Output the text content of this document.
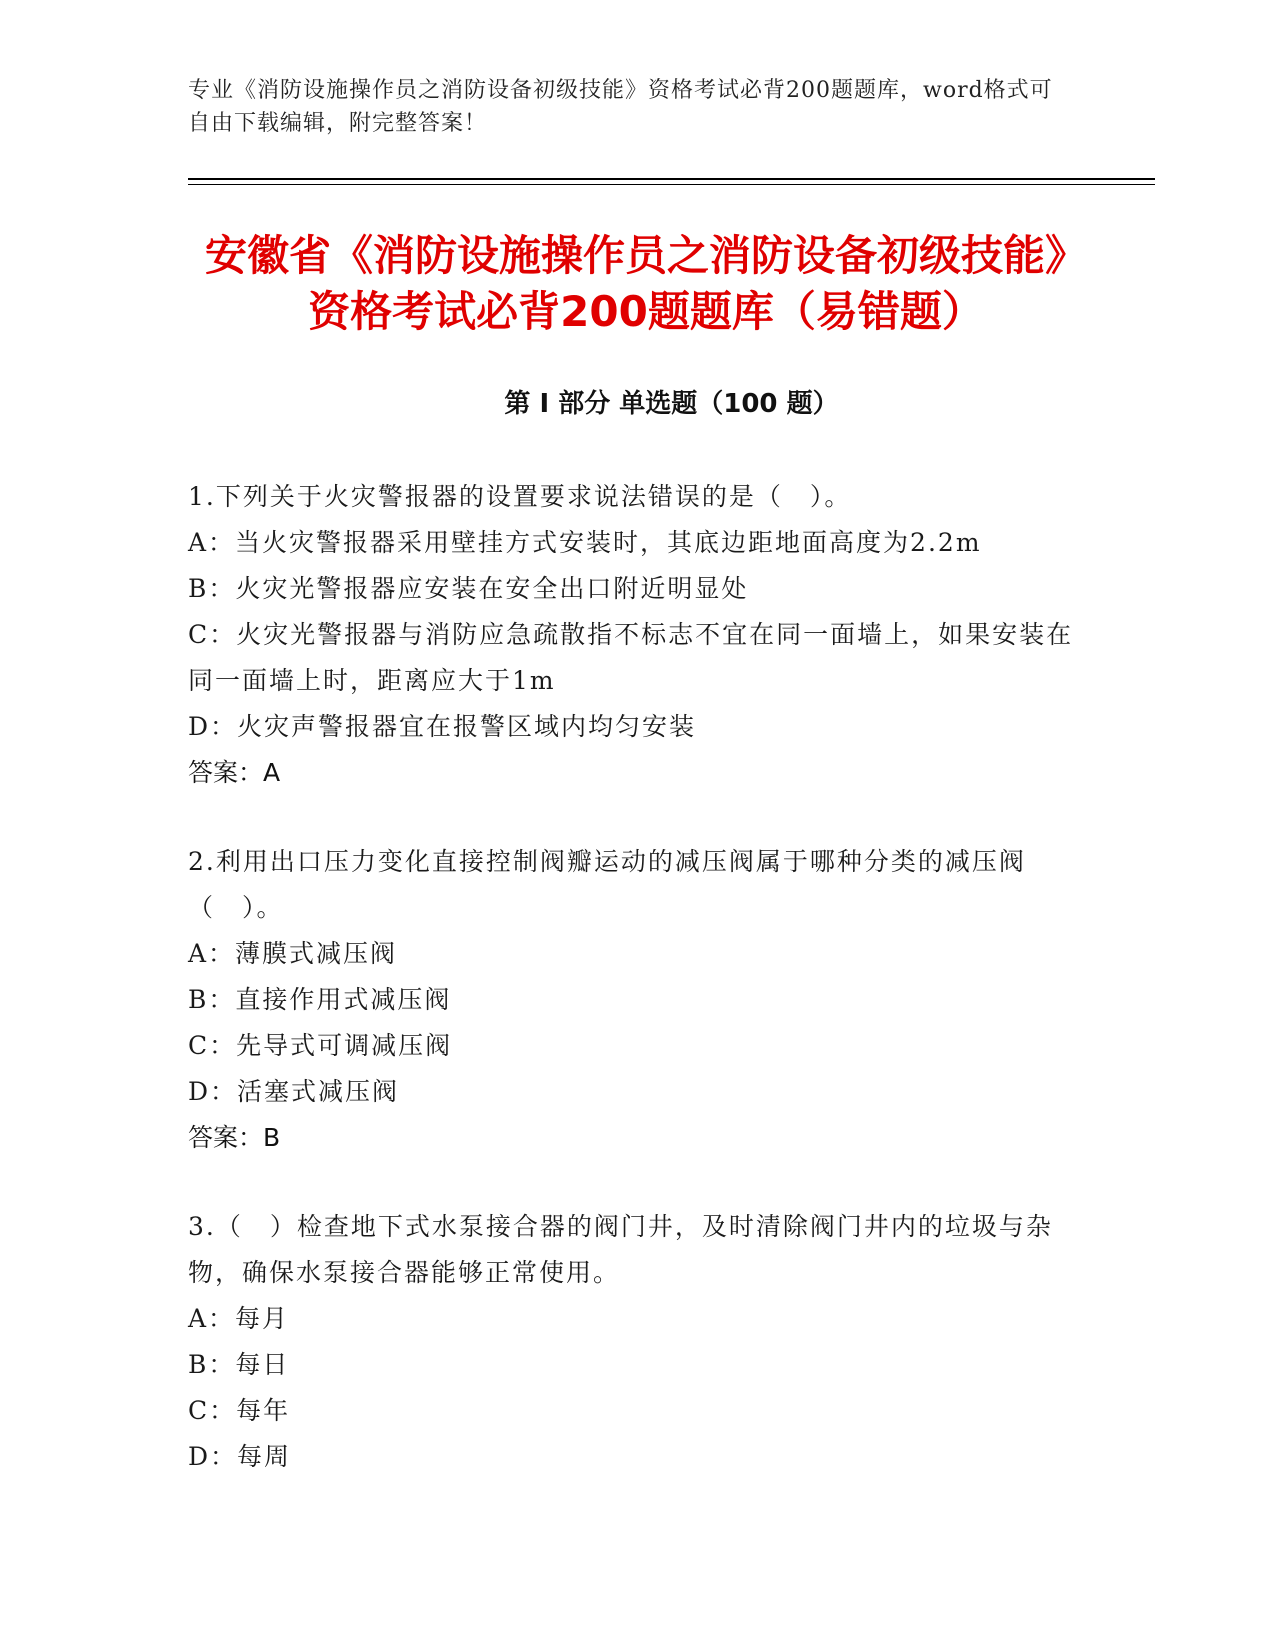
专业《消防设施操作员之消防设备初级技能》资格考试必背200题题库，word格式可自由下载编辑，附完整答案！
安徽省《消防设施操作员之消防设备初级技能》资格考试必背200题题库（易错题）
第 I 部分 单选题（100 题）

1.下列关于火灾警报器的设置要求说法错误的是（　）。

A：当火灾警报器采用壁挂方式安装时，其底边距地面高度为2.2m

B：火灾光警报器应安装在安全出口附近明显处

C：火灾光警报器与消防应急疏散指不标志不宜在同一面墙上，如果安装在同一面墙上时，距离应大于1m

D：火灾声警报器宜在报警区域内均匀安装

答案：A

2.利用出口压力变化直接控制阀瓣运动的减压阀属于哪种分类的减压阀（　）。

A：薄膜式减压阀

B：直接作用式减压阀

C：先导式可调减压阀

D：活塞式减压阀

答案：B

3.（　）检查地下式水泵接合器的阀门井，及时清除阀门井内的垃圾与杂物，确保水泵接合器能够正常使用。

A：每月

B：每日

C：每年

D：每周
